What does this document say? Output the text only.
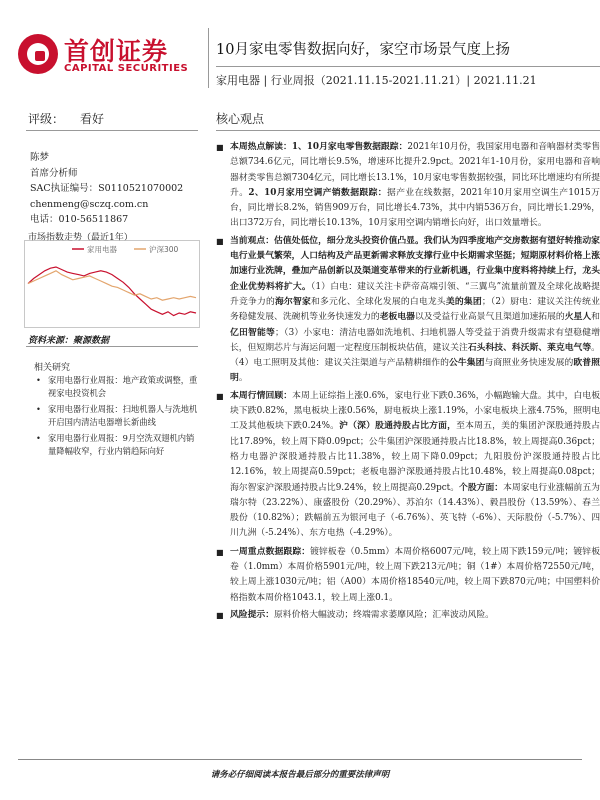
首创证券
CAPITAL SECURITIES
10月家电零售数据向好，家空市场景气度上扬
家用电器 | 行业周报（2021.11.15-2021.11.21）| 2021.11.21
评级： 看好	核心观点
陈梦
首席分析师
SAC执证编号：S0110521070002
chenmeng@sczq.com.cn
电话：010-56511867
市场指数走势（最近1年）
家用电器	沪深300
资料来源：聚源数据
相关研究
• 家用电器行业周报：地产政策或调整，重视家电投资机会
• 家用电器行业周报：扫地机器人与洗地机开启国内清洁电器增长新曲线
• 家用电器行业周报：9月空洗双翅机内销量降幅收窄，行业内销趋际向好
■ 本周热点解读：1、10月家电零售数据跟踪：2021年10月份，我国家用电器和音响器材类零售总额734.6亿元，同比增长9.5%，增速环比提升2.9pct。2021年1-10月份，家用电器和音响器材类零售总额7304亿元，同比增长13.1%，10月家电零售数据较强，同比环比增速均有所提升。2、10月家用空调产销数据跟踪：据产业在线数据，2021年10月家用空调生产1015万台，同比增长8.2%，销售909万台，同比增长4.73%，其中内销536万台，同比增长1.29%，出口372万台，同比增长10.13%，10月家用空调内销增长向好，出口效量增长。
■ 当前观点：估值处低位，细分龙头投资价值凸显。我们认为四季度地产交房数据有望好转推动家电行业景气繁荣，人口结构及产品更新需求释放支撑行业中长期需求坚挺；短期原材料价格上涨加速行业洗牌，叠加产品创新以及渠道变革带来的行业新机遇，行业集中度料将持续上行，龙头企业优势料将扩大。（1）白电：建议关注卡萨帝高端引领、“三翼鸟”流量前置及全球化战略提升竞争力的海尔智家和多元化、全球化发展的白电龙头美的集团；（2）厨电：建议关注传统业务稳健发展、洗碗机等业务快速发力的老板电器以及受益行业高景气且渠道加速拓展的火星人和亿田智能等；（3）小家电：清洁电器如洗地机、扫地机器人等受益于消费升级需求有望稳健增长，但短期芯片与海运问题一定程度压制板块估值，建议关注石头科技、科沃斯、莱克电气等。（4）电工照明及其他：建议关注渠道与产品精耕细作的公牛集团与商照业务快速发展的欧普照明。
■ 本周行情回顾：本周上证综指上涨0.6%，家电行业下跌0.36%，小幅跑输大盘。其中，白电板块下跌0.82%，黑电板块上涨0.56%，厨电板块上涨1.19%，小家电板块上涨4.75%，照明电工及其他板块下跌0.24%。沪（深）股通持股占比方面，至本周五，美的集团沪深股通持股占比17.89%，较上周下降0.09pct；公牛集团沪深股通持股占比18.8%，较上周提高0.36pct；格力电器沪深股通持股占比11.38%，较上周下降0.09pct；九阳股份沪深股通持股占比12.16%，较上周提高0.59pct；老板电器沪深股通持股占比10.48%，较上周提高0.08pct；海尔智家沪深股通持股占比9.24%，较上周提高0.29pct。个股方面：本周家电行业涨幅前五为瑞尔特（23.22%）、康盛股份（20.29%）、苏泊尔（14.43%）、毅昌股份（13.59%）、春兰股份（10.82%）；跌幅前五为银河电子（-6.76%）、英飞特（-6%）、天际股份（-5.7%）、四川九洲（-5.24%）、东方电热（-4.29%）。
■ 一周重点数据跟踪：镀锌板卷（0.5mm）本周价格6007元/吨，较上周下跌159元/吨；镀锌板卷（1.0mm）本周价格5901元/吨，较上周下跌213元/吨；铜（1#）本周价格72550元/吨，较上周上涨1030元/吨；铝（A00）本周价格18540元/吨，较上周下跌870元/吨；中国塑料价格指数本周价格1043.1，较上周上涨0.1。
■ 风险提示：原料价格大幅波动；终端需求萎靡风险；汇率波动风险。
请务必仔细阅读本报告最后部分的重要法律声明
